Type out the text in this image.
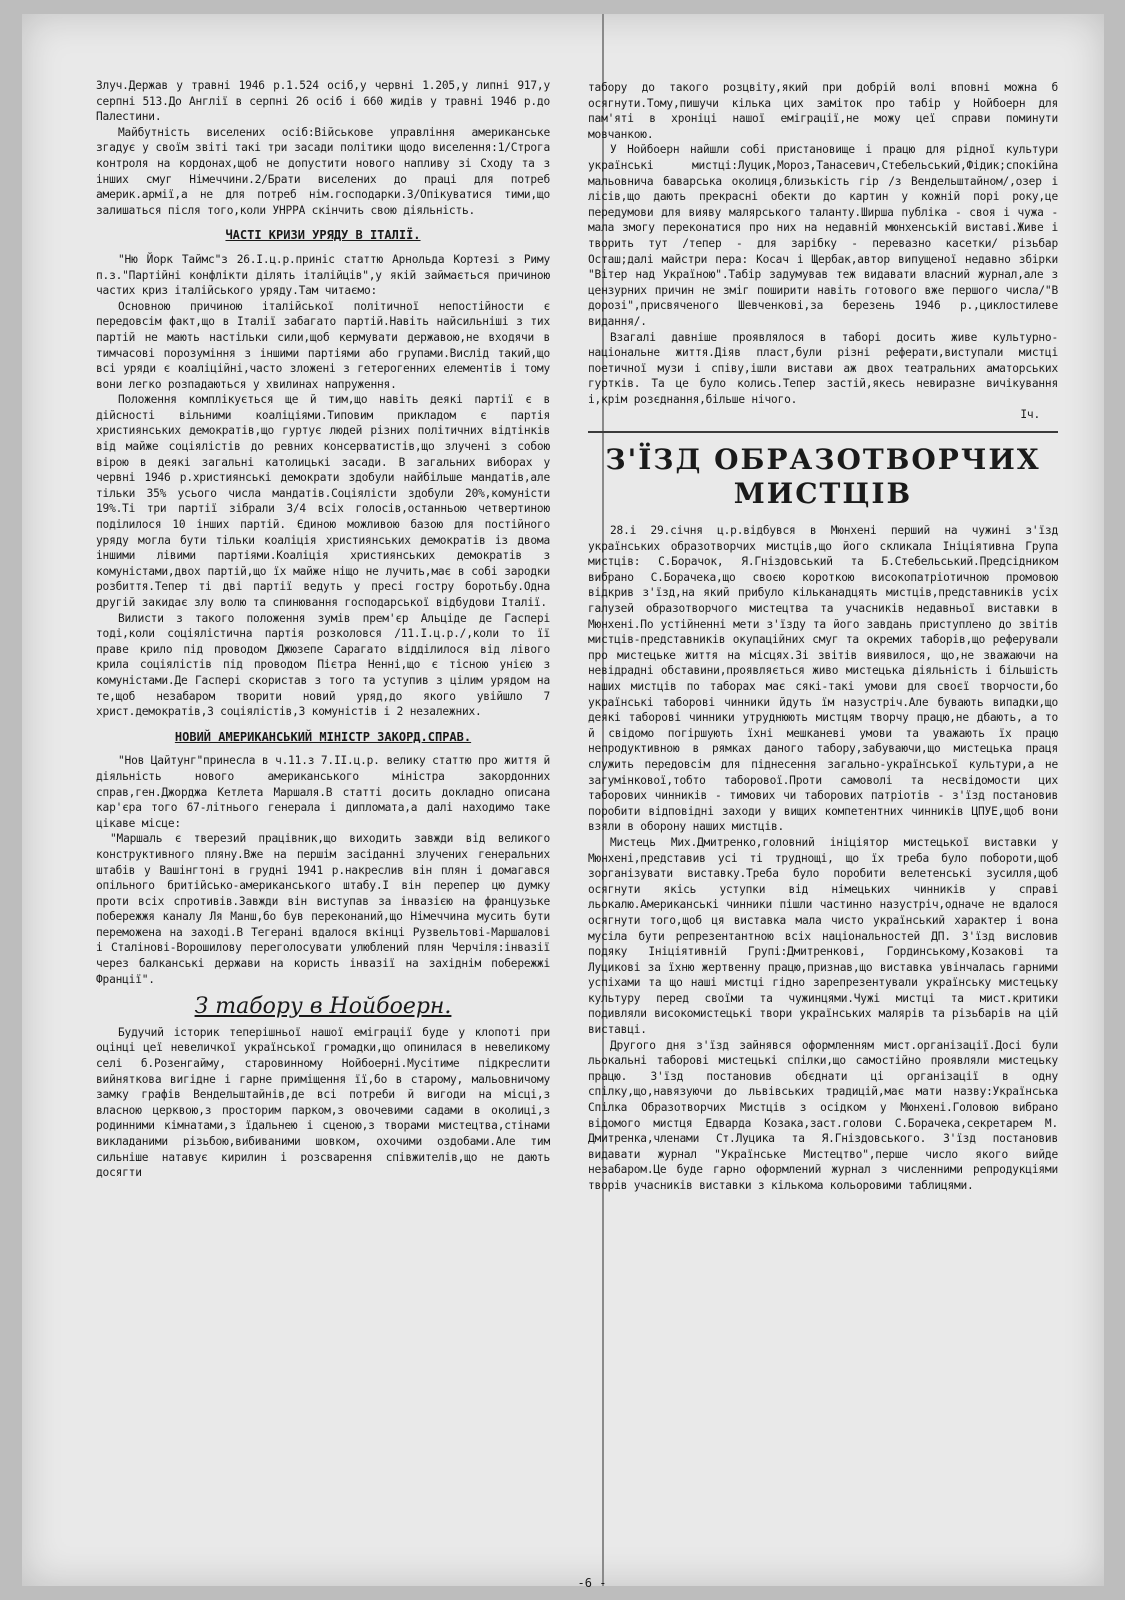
Злуч.Держав у травні 1946 р.1.524 осіб,у червні 1.205,у липні 917,у серпні 513.До Англії в серпні 26 осіб і 660 жидів у травні 1946 р.до Палестини.

Майбутність виселених осіб:Військове управління американське згадує у своїм звіті такі три засади політики щодо виселення:1/Строга контроля на кордонах,щоб не допустити нового напливу зі Сходу та з інших смуг Німеччини.2/Брати виселених до праці для потреб америк.армії,а не для потреб нім.господарки.3/Опікуватися тими,що залишаться після того,коли УНРРА скінчить свою діяльність.

ЧАСТІ КРИЗИ УРЯДУ В ІТАЛІЇ.

"Ню Йорк Таймс"з 26.І.ц.р.приніс статтю Арнольда Кортезі з Риму п.з."Партійні конфлікти ділять італійців",у якій займається причиною частих криз італійського уряду.Там читаємо:

Основною причиною італійської політичної непостійности є передовсім факт,що в Італії забагато партій.Навіть найсильніші з тих партій не мають настільки сили,щоб кермувати державою,не входячи в тимчасові порозуміння з іншими партіями або групами.Вислід такий,що всі уряди є коаліційні,часто зложені з гетерогенних елементів і тому вони легко розпадаються у хвилинах напруження.

Положення комплікується ще й тим,що навіть деякі партії є в дійсності вільними коаліціями.Типовим прикладом є партія християнських демократів,що гуртує людей різних політичних відтінків від майже соціялістів до ревних консерватистів,що злучені з собою вірою в деякі загальні католицькі засади. В загальних виборах у червні 1946 р.християнські демократи здобули найбільше мандатів,але тільки 35% усього числа мандатів.Соціялісти здобули 20%,комуністи 19%.Ті три партії зібрали 3/4 всіх голосів,останньою четвертиною поділилося 10 інших партій. Єдиною можливою базою для постійного уряду могла бути тільки коаліція християнських демократів із двома іншими лівими партіями.Коаліція християнських демократів з комуністами,двох партій,що їх майже ніщо не лучить,має в собі зародки розбиття.Тепер ті дві партії ведуть у пресі гостру боротьбу.Одна другій закидає злу волю та спинювання господарської відбудови Італії.

Вилисти з такого положення зумів прем'єр Альціде де Гаспері тоді,коли соціялістична партія розколовся /11.І.ц.р./,коли то її праве крило під проводом Джюзепе Сарагато відділилося від лівого крила соціялістів під проводом Пієтра Ненні,що є тісною унією з комуністами.Де Гаспері скористав з того та уступив з цілим урядом на те,щоб незабаром творити новий уряд,до якого увійшло 7 христ.демократів,3 соціялістів,3 комуністів і 2 незалежних.

НОВИЙ АМЕРИКАНСЬКИЙ МІНІСТР ЗАКОРД.СПРАВ.

"Нов Цайтунг"принесла в ч.11.з 7.ІІ.ц.р. велику статтю про життя й діяльність нового американського міністра закордонних справ,ген.Джорджа Кетлета Маршаля.В статті досить докладно описана кар'єра того 67-літнього генерала і дипломата,а далі находимо таке цікаве місце:

"Маршаль є тверезий працівник,що виходить завжди від великого конструктивного пляну.Вже на першім засіданні злучених генеральних штабів у Вашінгтоні в грудні 1941 р.накреслив він плян і домагався опільного бритійсько-американського штабу.І він перепер цю думку проти всіх спротивів.Завжди він виступав за інвазією на французьке побережжя каналу Ля Манш,бо був переконаний,що Німеччина мусить бути переможена на заході.В Тегерані вдалося вкінці Рузвельтові-Маршалові і Сталінові-Ворошилову переголосувати улюблений плян Черчіля:інвазії через балканські держави на користь інвазії на західнім побережжі Франції".

З табору в Нойбоерн.

Будучий історик теперішньої нашої еміграції буде у клопоті при оцінці цеї невеличкої української громадки,що опинилася в невеликому селі б.Розенгайму, старовинному Нойбоерні.Мусітиме підкреслити вийняткова вигідне і гарне приміщення її,бо в старому, мальовничому замку графів Вендельштайнів,де всі потреби й вигоди на місці,з власною церквою,з просторим парком,з овочевими садами в околиці,з родинними кімнатами,з їдальнею і сценою,з творами мистецтва,стінами викладаними різьбою,вибиваними шовком, охочими оздобами.Але тим сильніше натавує кирилин і розсварення співжителів,що не дають досягти

табору до такого розцвіту,який при добрій волі вповні можна б осягнути.Тому,пишучи кілька цих заміток про табір у Нойбоерн для пам'яті в хроніці нашої еміграції,не можу цеї справи поминути мовчанкою.

У Нойбоерн найшли собі пристановище і працю для рідної культури українські мистці:Луцик,Мороз,Танасевич,Стебельський,Фідик;спокійна мальовнича баварська околиця,близькість гір /з Вендельштайном/,озер і лісів,що дають прекрасні обекти до картин у кожній порі року,це передумови для вияву малярського таланту.Ширша публіка - своя і чужа - мала змогу переконатися про них на недавній мюнхенській виставі.Живе і творить тут /тепер - для зарібку - перевазно касетки/ різьбар Осташ;далі майстри пера: Косач і Щербак,автор випущеної недавно збірки "Вітер над Україною".Табір задумував теж видавати власний журнал,але з цензурних причин не зміг поширити навіть готового вже першого числа/"В дорозі",присвяченого Шевченкові,за березень 1946 р.,циклостилеве видання/.

Взагалі давніше проявлялося в таборі досить живе культурно-національне життя.Діяв пласт,були різні реферати,виступали мистці поетичної музи і співу,ішли вистави аж двох театральних аматорських гуртків. Та це було колись.Тепер застій,якесь невиразне вичікування і,крім розєднання,більше нічого.

Іч.

З'ЇЗД ОБРАЗОТВОРЧИХ МИСТЦІВ

28.і 29.січня ц.р.відбувся в Мюнхені перший на чужині з'їзд українських образотворчих мистців,що його скликала Ініціятивна Група мистців: С.Борачок, Я.Гніздовський та Б.Стебельський.Предсідником вибрано С.Борачека,що своєю короткою високопатріотичною промовою відкрив з'їзд,на який прибуло кільканадцять мистців,представників усіх галузей образотворчого мистецтва та учасників недавньої виставки в Мюнхені.По устійненні мети з'їзду та його завдань приступлено до звітів мистців-представників окупаційних смуг та окремих таборів,що реферували про мистецьке життя на місцях.Зі звітів виявилося, що,не зважаючи на невідрадні обставини,проявляється живо мистецька діяльність і більшість наших мистців по таборах має сякі-такі умови для своєї творчости,бо українські таборові чинники йдуть їм назустріч.Але бувають випадки,що деякі таборові чинники утруднюють мистцям творчу працю,не дбають, а то й свідомо погіршують їхні мешканеві умови та уважають їх працю непродуктивною в рямках даного табору,забуваючи,що мистецька праця служить передовсім для піднесення загально-української культури,а не загумінкової,тобто таборової.Проти самоволі та несвідомости цих таборових чинників - тимових чи таборових патріотів - з'їзд постановив поробити відповідні заходи у вищих компетентних чинників ЦПУЕ,щоб вони взяли в оборону наших мистців.

Мистець Мих.Дмитренко,головний ініціятор мистецької виставки у Мюнхені,представив усі ті труднощі, що їх треба було побороти,щоб зорганізувати виставку.Треба було поробити велетенські зусилля,щоб осягнути якісь уступки від німецьких чинників у справі льокалю.Американські чинники пішли частинно назустріч,одначе не вдалося осягнути того,щоб ця виставка мала чисто український характер і вона мусіла бути репрезентантною всіх національностей ДП. З'їзд висловив подяку Ініціятивній Групі:Дмитренкові, Гординському,Козакові та Луцикові за їхню жертвенну працю,признав,що виставка увінчалась гарними успіхами та що наші мистці гідно зарепрезентували українську мистецьку культуру перед своїми та чужинцями.Чужі мистці та мист.критики подивляли високомистецькі твори українських малярів та різьбарів на цій виставці.

Другого дня з'їзд зайнявся оформленням мист.організації.Досі були льокальні таборові мистецькі спілки,що самостійно проявляли мистецьку працю. З'їзд постановив обєднати ці організації в одну спілку,що,навязуючи до львівських традицій,має мати назву:Українська Спілка Образотворчих Мистців з осідком у Мюнхені.Головою вибрано відомого мистця Едварда Козака,заст.голови С.Борачека,секретарем М. Дмитренка,членами Ст.Луцика та Я.Гніздовського. З'їзд постановив видавати журнал "Українське Мистецтво",перше число якого вийде незабаром.Це буде гарно оформлений журнал з численними репродукціями творів учасників виставки з кількома кольоровими таблицями.

-6 -
